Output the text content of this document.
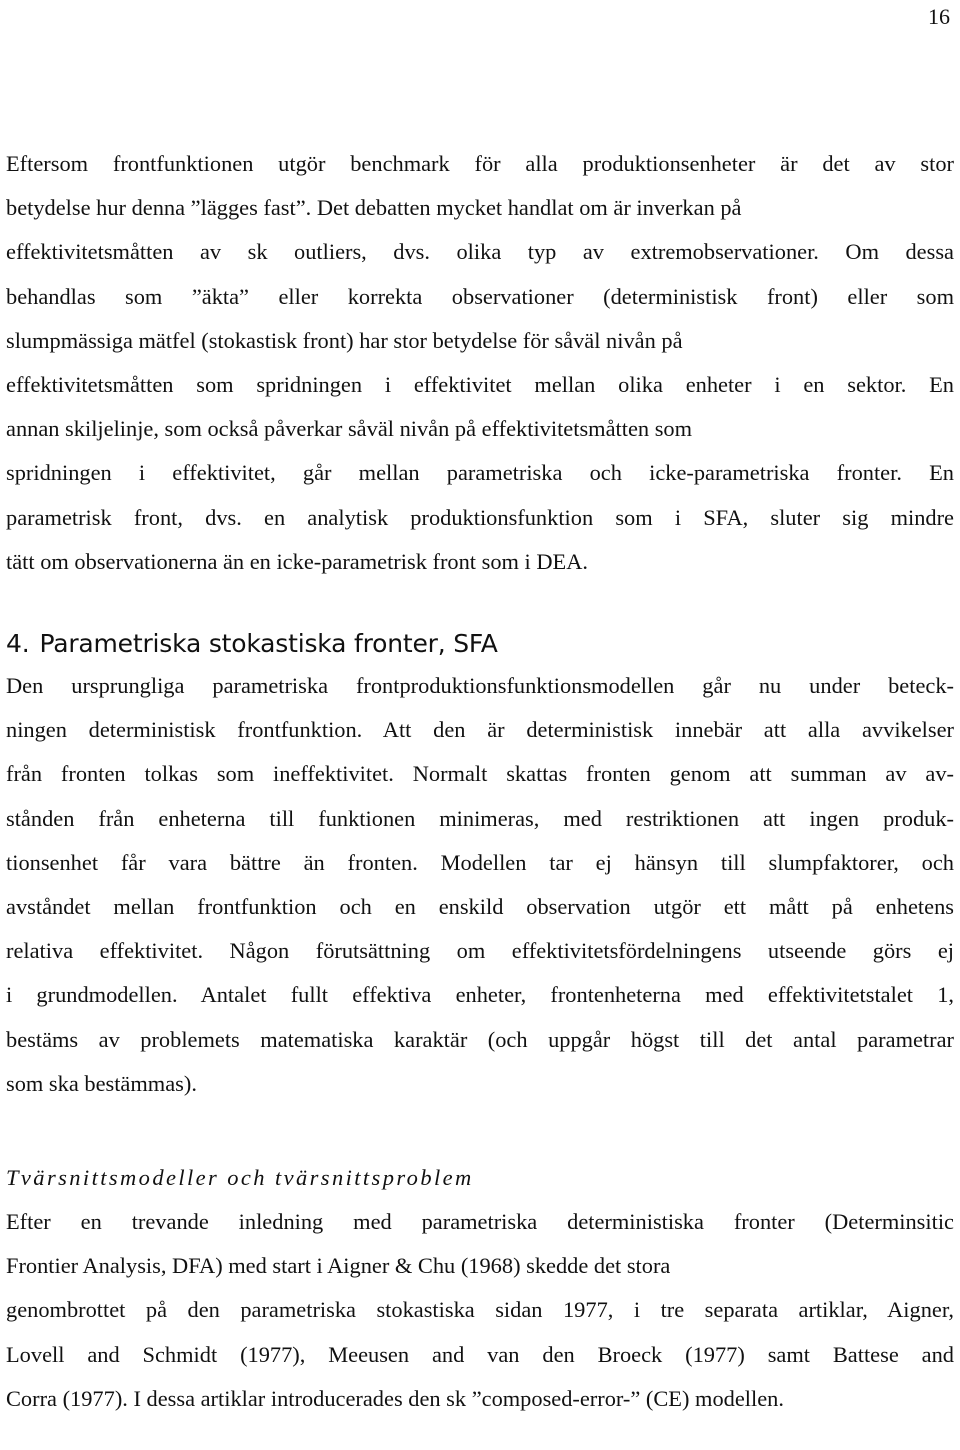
16

Eftersom frontfunktionen utgör benchmark för alla produktionsenheter är det av stor
betydelse hur denna ”lägges fast”. Det debatten mycket handlat om är inverkan på
effektivitetsmåtten av sk outliers, dvs. olika typ av extremobservationer. Om dessa
behandlas som ”äkta” eller korrekta observationer (deterministisk front) eller som
slumpmässiga mätfel (stokastisk front) har stor betydelse för såväl nivån på
effektivitetsmåtten som spridningen i effektivitet mellan olika enheter i en sektor. En
annan skiljelinje, som också påverkar såväl nivån på effektivitetsmåtten som
spridningen i effektivitet, går mellan parametriska och icke-parametriska fronter. En
parametrisk front, dvs. en analytisk produktionsfunktion som i SFA, sluter sig mindre
tätt om observationerna än en icke-parametrisk front som i DEA.

4. Parametriska stokastiska fronter, SFA

Den ursprungliga parametriska frontproduktionsfunktionsmodellen går nu under beteck-
ningen deterministisk frontfunktion. Att den är deterministisk innebär att alla avvikelser
från fronten tolkas som ineffektivitet. Normalt skattas fronten genom att summan av av-
stånden från enheterna till funktionen minimeras, med restriktionen att ingen produk-
tionsenhet får vara bättre än fronten. Modellen tar ej hänsyn till slumpfaktorer, och
avståndet mellan frontfunktion och en enskild observation utgör ett mått på enhetens
relativa effektivitet. Någon förutsättning om effektivitetsfördelningens utseende görs ej
i grundmodellen. Antalet fullt effektiva enheter, frontenheterna med effektivitetstalet 1,
bestäms av problemets matematiska karaktär (och uppgår högst till det antal parametrar
som ska bestämmas).

Tvärsnittsmodeller och tvärsnittsproblem

Efter en trevande inledning med parametriska deterministiska fronter (Determinsitic
Frontier Analysis, DFA) med start i Aigner & Chu (1968) skedde det stora
genombrottet på den parametriska stokastiska sidan 1977, i tre separata artiklar, Aigner,
Lovell and Schmidt (1977), Meeusen and van den Broeck (1977) samt Battese and
Corra (1977). I dessa artiklar introducerades den sk ”composed-error-” (CE) modellen.
